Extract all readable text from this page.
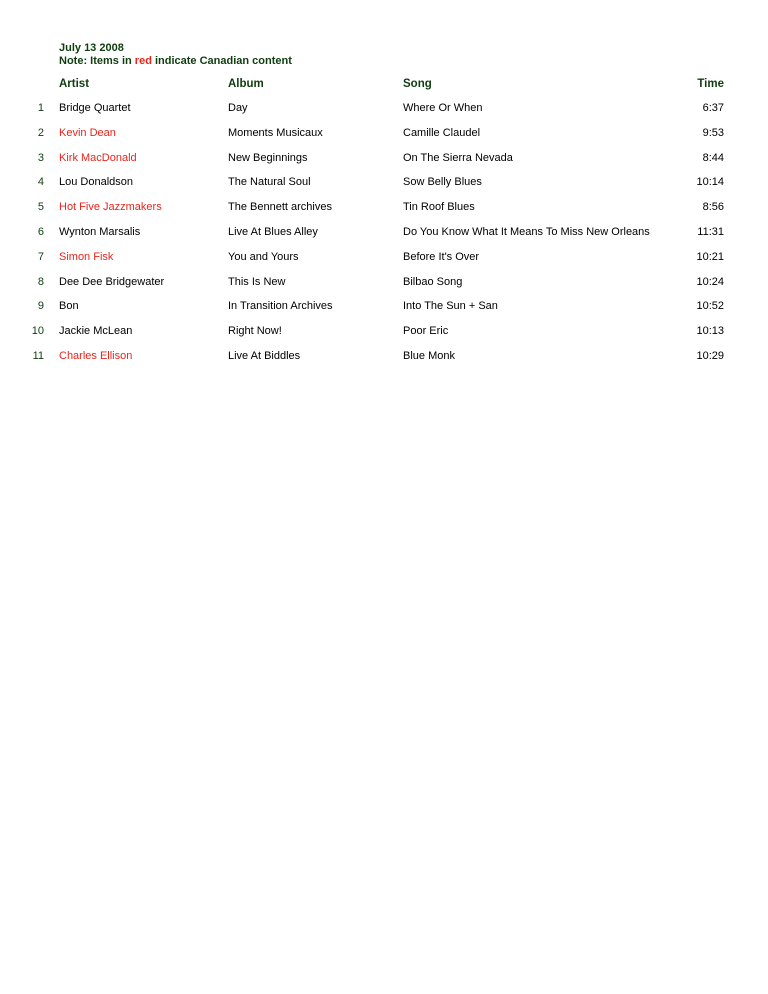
July 13 2008
Note: Items in red indicate Canadian content
Artist	Album	Song	Time
1 Bridge Quartet	Day	Where Or When	6:37
2 Kevin Dean	Moments Musicaux	Camille Claudel	9:53
3 Kirk MacDonald	New Beginnings	On The Sierra Nevada	8:44
4 Lou Donaldson	The Natural Soul	Sow Belly Blues	10:14
5 Hot Five Jazzmakers	The Bennett archives	Tin Roof Blues	8:56
6 Wynton Marsalis	Live At Blues Alley	Do You Know What It Means To Miss New Orleans	11:31
7 Simon Fisk	You and Yours	Before It's Over	10:21
8 Dee Dee Bridgewater	This Is New	Bilbao Song	10:24
9 Bon	In Transition Archives	Into The Sun + San	10:52
10 Jackie McLean	Right Now!	Poor Eric	10:13
11 Charles Ellison	Live At Biddles	Blue Monk	10:29
